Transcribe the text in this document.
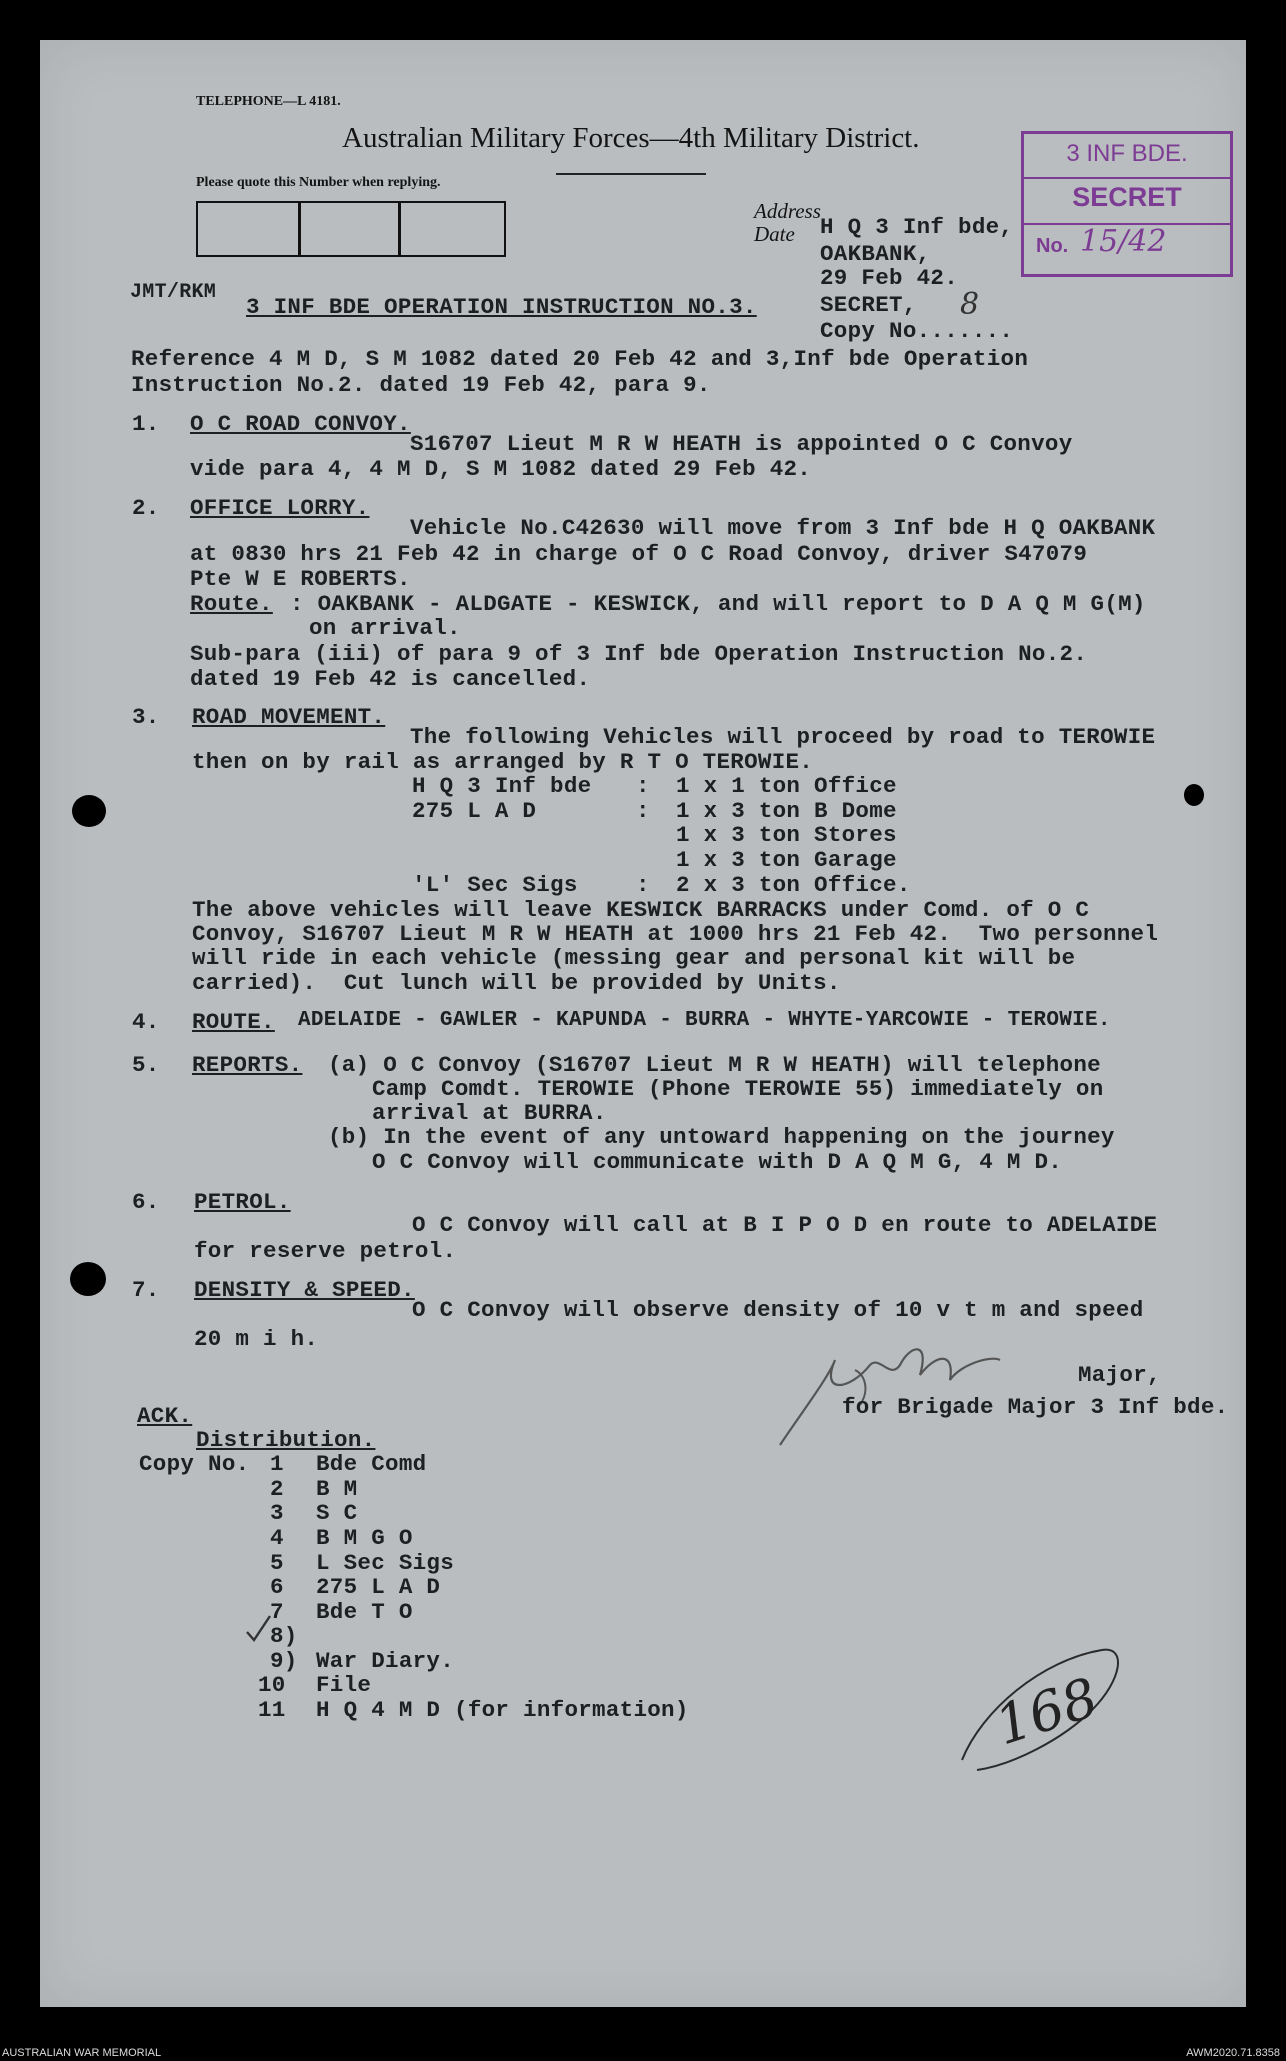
TELEPHONE—L 4181.
Australian Military Forces—4th Military District.
Please quote this Number when replying.
Address
Date
3 INF BDE.
SECRET
No. 15/42
H Q 3 Inf bde,
OAKBANK,
29 Feb 42.
SECRET,
Copy No.......
8
JMT/RKM
3 INF BDE OPERATION INSTRUCTION NO.3.
Reference 4 M D, S M 1082 dated 20 Feb 42 and 3,Inf bde Operation
Instruction No.2. dated 19 Feb 42, para 9.
1. O C ROAD CONVOY.
S16707 Lieut M R W HEATH is appointed O C Convoy
vide para 4, 4 M D, S M 1082 dated 29 Feb 42.
2. OFFICE LORRY.
Vehicle No.C42630 will move from 3 Inf bde H Q OAKBANK
at 0830 hrs 21 Feb 42 in charge of O C Road Convoy, driver S47079
Pte W E ROBERTS.
Route. : OAKBANK - ALDGATE - KESWICK, and will report to D A Q M G(M)
on arrival.
Sub-para (iii) of para 9 of 3 Inf bde Operation Instruction No.2.
dated 19 Feb 42 is cancelled.
3. ROAD MOVEMENT.
The following Vehicles will proceed by road to TEROWIE
then on by rail as arranged by R T O TEROWIE.
H Q 3 Inf bde : 1 x 1 ton Office
275 L A D	: 1 x 3 ton B Dome
1 x 3 ton Stores
1 x 3 ton Garage
'L' Sec Sigs	: 2 x 3 ton Office.
The above vehicles will leave KESWICK BARRACKS under Comd. of O C
Convoy, S16707 Lieut M R W HEATH at 1000 hrs 21 Feb 42.  Two personnel
will ride in each vehicle (messing gear and personal kit will be
carried).  Cut lunch will be provided by Units.
4. ROUTE. ADELAIDE - GAWLER - KAPUNDA - BURRA - WHYTE-YARCOWIE - TEROWIE.
5. REPORTS. (a) O C Convoy (S16707 Lieut M R W HEATH) will telephone
Camp Comdt. TEROWIE (Phone TEROWIE 55) immediately on
arrival at BURRA.
(b) In the event of any untoward happening on the journey
O C Convoy will communicate with D A Q M G, 4 M D.
6. PETROL.
O C Convoy will call at B I P O D en route to ADELAIDE
for reserve petrol.
7. DENSITY & SPEED.
O C Convoy will observe density of 10 v t m and speed
20 m i h.
Major,
for Brigade Major 3 Inf bde.
ACK.
Distribution.
Copy No. 1 Bde Comd
2 B M
3 S C
4 B M G O
5 L Sec Sigs
6 275 L A D
7 Bde T O
8)
9) War Diary.
10 File
11 H Q 4 M D (for information)	168
AUSTRALIAN WAR MEMORIAL	AWM2020.71.8358
